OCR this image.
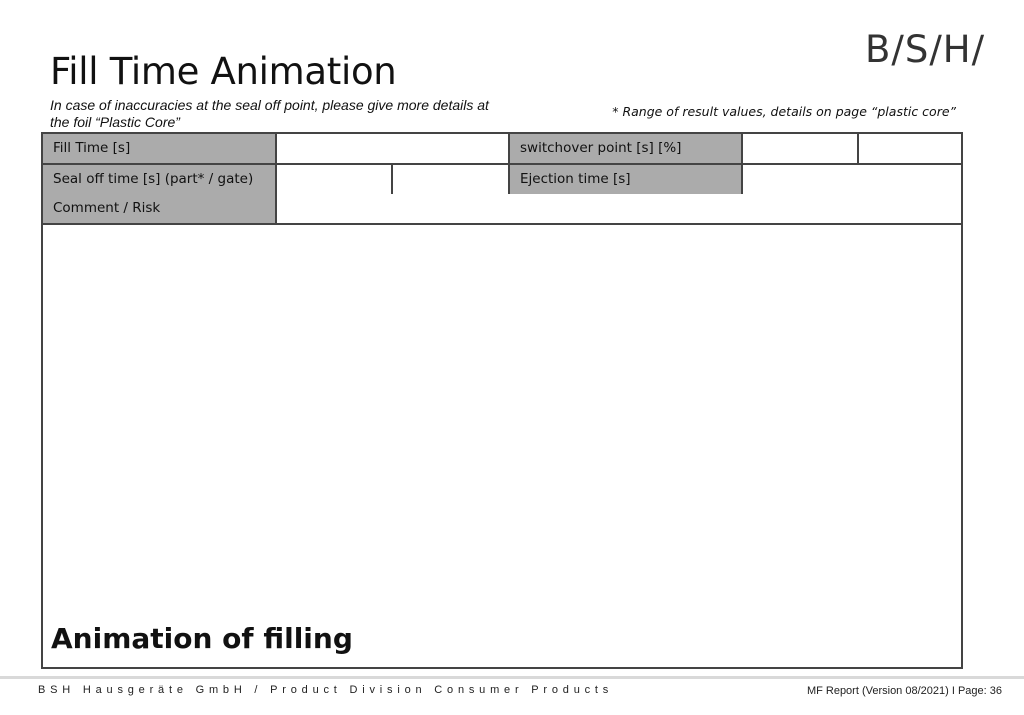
Fill Time Animation
In case of inaccuracies at the seal off point, please give more details at the foil “Plastic Core”
* Range of result values, details on page “plastic core”
B/S/H/
Fill Time [s]	switchover point [s] [%]
Seal off time [s] (part* / gate)	Ejection time [s]
Comment / Risk
Animation of filling
BSH Hausgeräte GmbH / Product Division Consumer Products	MF Report (Version 08/2021) I Page: 36
